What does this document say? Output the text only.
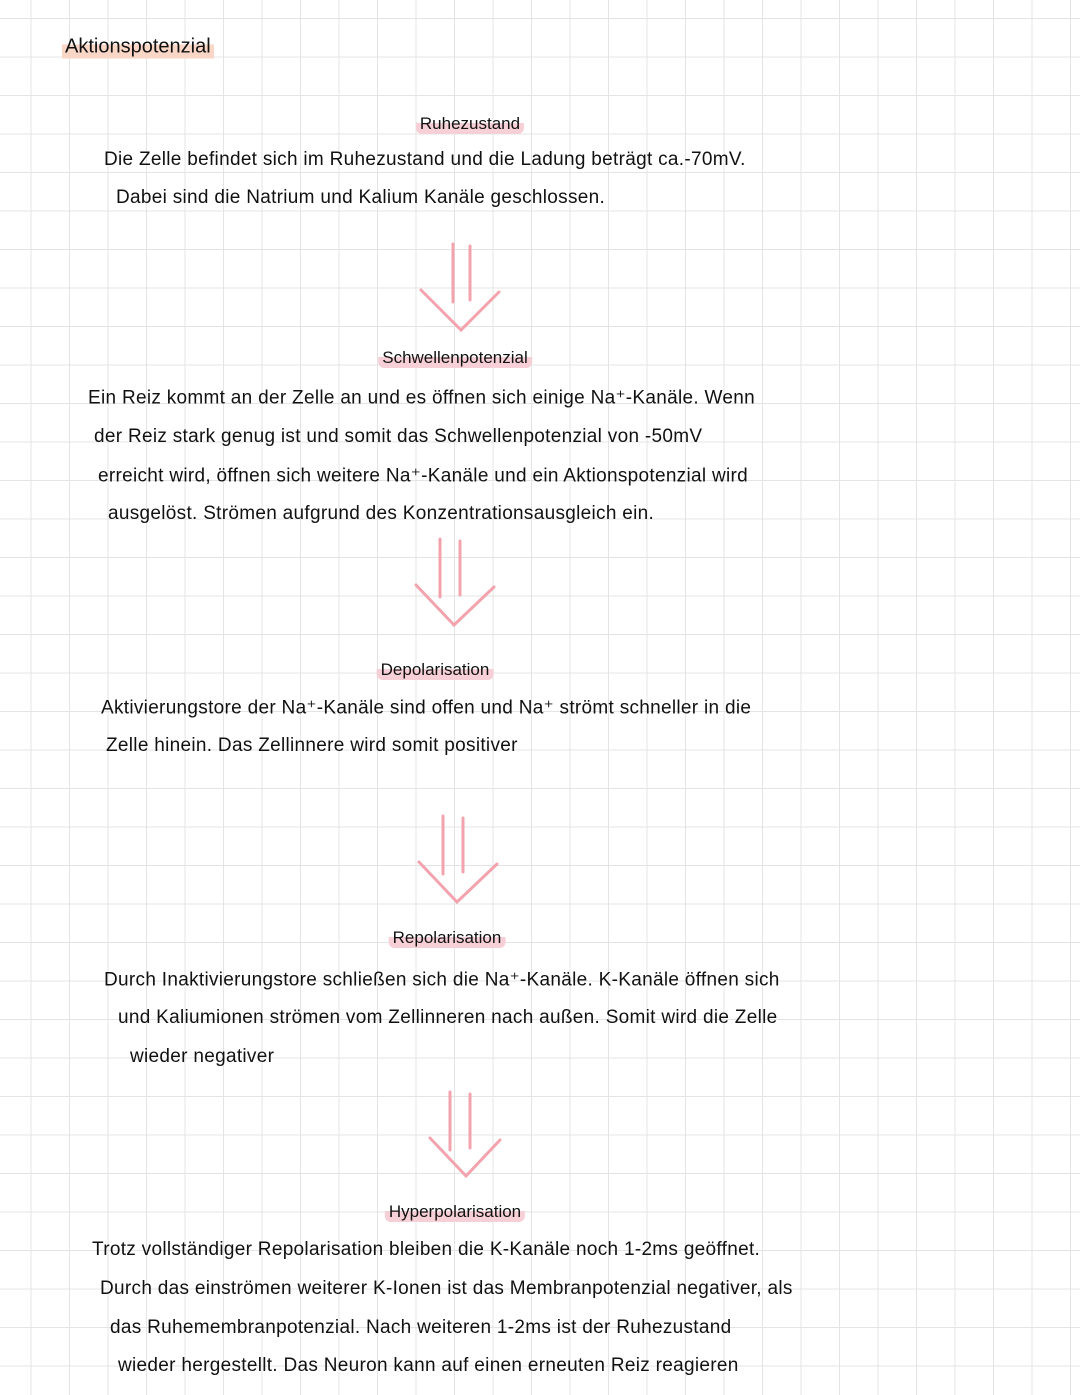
Aktionspotenzial
Ruhezustand
Die Zelle befindet sich im Ruhezustand und die Ladung beträgt ca.-70mV.
Dabei sind die Natrium und Kalium Kanäle geschlossen.
Schwellenpotenzial
Ein Reiz kommt an der Zelle an und es öffnen sich einige Na⁺-Kanäle. Wenn
der Reiz stark genug ist und somit das Schwellenpotenzial von -50mV
erreicht wird, öffnen sich weitere Na⁺-Kanäle und ein Aktionspotenzial wird
ausgelöst. Strömen aufgrund des Konzentrationsausgleich ein.
Depolarisation
Aktivierungstore der Na⁺-Kanäle sind offen und Na⁺ strömt schneller in die
Zelle hinein. Das Zellinnere wird somit positiver
Repolarisation
Durch Inaktivierungstore schließen sich die Na⁺-Kanäle. K-Kanäle öffnen sich
und Kaliumionen strömen vom Zellinneren nach außen. Somit wird die Zelle
wieder negativer
Hyperpolarisation
Trotz vollständiger Repolarisation bleiben die K-Kanäle noch 1-2ms geöffnet.
Durch das einströmen weiterer K-Ionen ist das Membranpotenzial negativer, als
das Ruhemembranpotenzial. Nach weiteren 1-2ms ist der Ruhezustand
wieder hergestellt. Das Neuron kann auf einen erneuten Reiz reagieren
